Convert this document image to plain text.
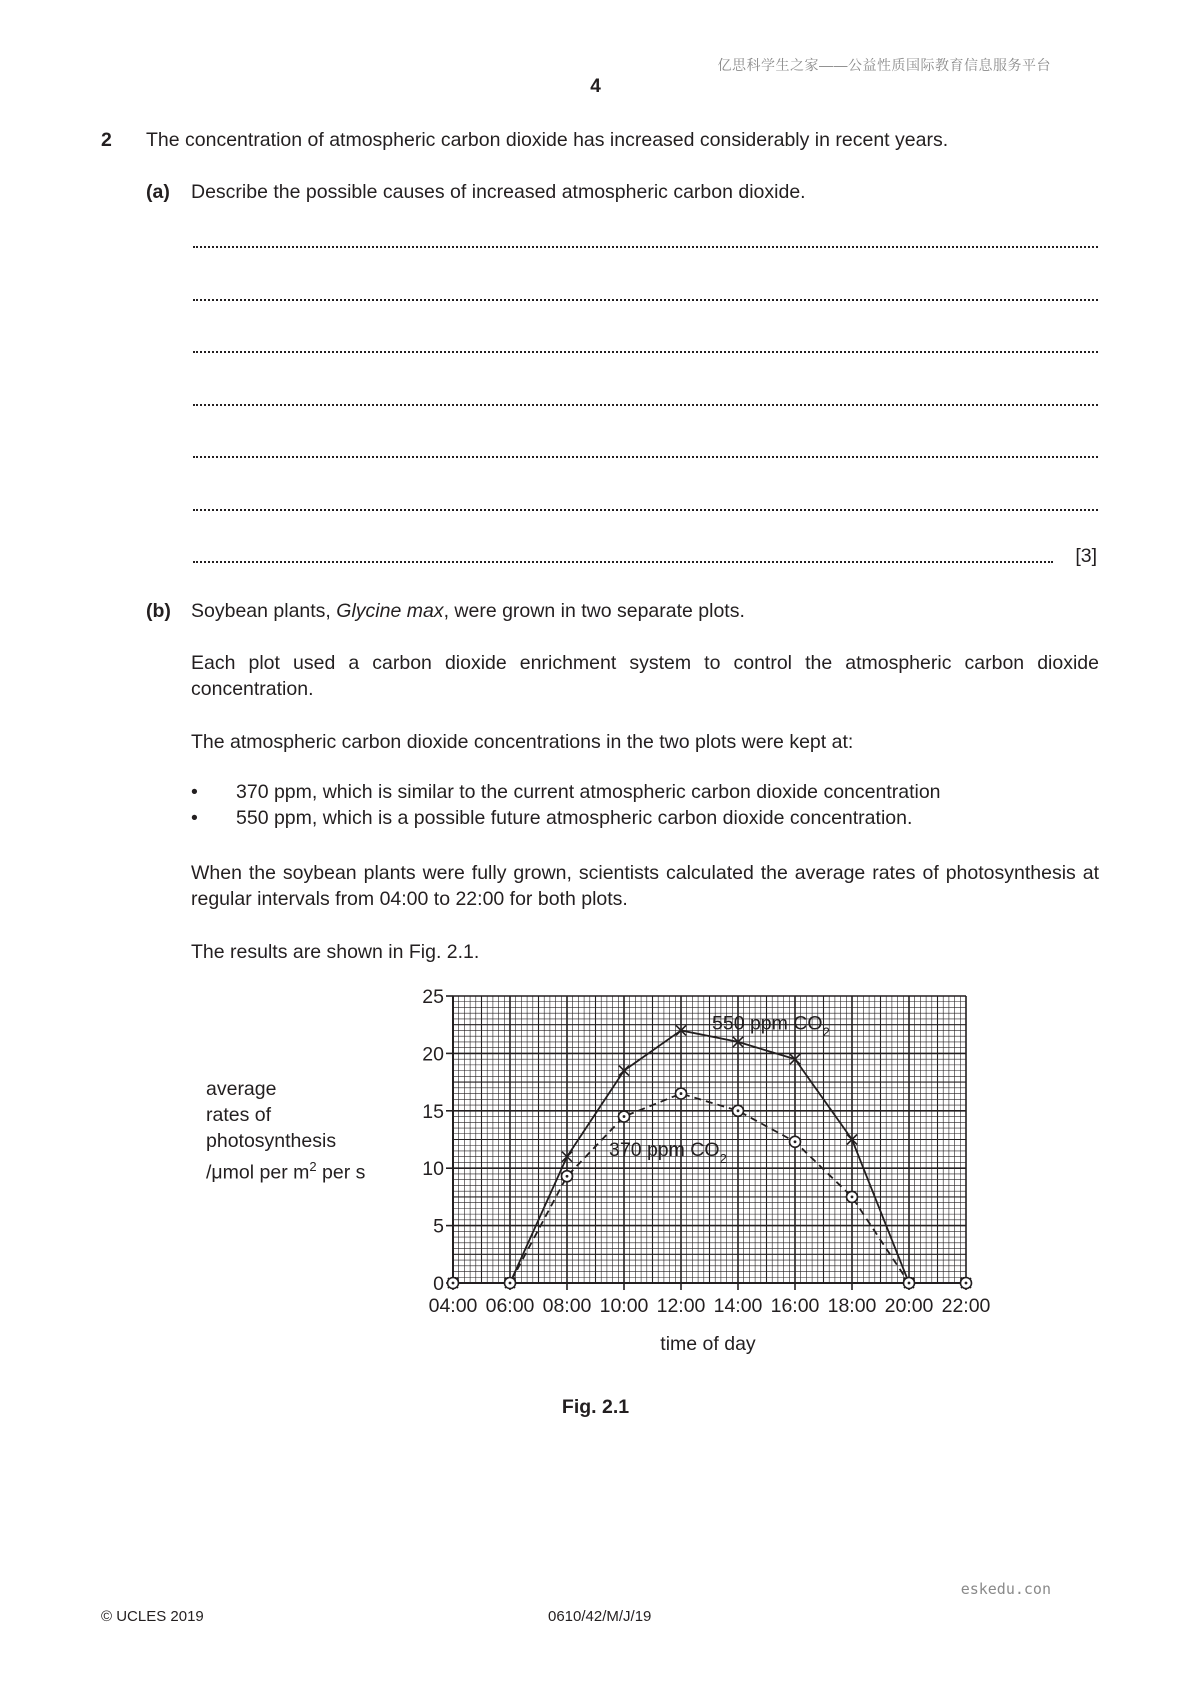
亿思科学生之家——公益性质国际教育信息服务平台
4
2 The concentration of atmospheric carbon dioxide has increased considerably in recent years.
(a) Describe the possible causes of increased atmospheric carbon dioxide.
[3]
(b) Soybean plants, Glycine max, were grown in two separate plots.
Each plot used a carbon dioxide enrichment system to control the atmospheric carbon dioxide concentration.
The atmospheric carbon dioxide concentrations in the two plots were kept at:
• 370 ppm, which is similar to the current atmospheric carbon dioxide concentration
• 550 ppm, which is a possible future atmospheric carbon dioxide concentration.
When the soybean plants were fully grown, scientists calculated the average rates of photosynthesis at regular intervals from 04:00 to 22:00 for both plots.
The results are shown in Fig. 2.1.
average
rates of
photosynthesis
/μmol per $m^2$ per s
0
5
10
15
20
25
04:00 06:00 08:00 10:00 12:00 14:00 16:00 18:00 20:00 22:00
550 ppm $CO_2$
370 ppm $CO_2$
time of day
Fig. 2.1
eskedu.con
© UCLES 2019	0610/42/M/J/19
